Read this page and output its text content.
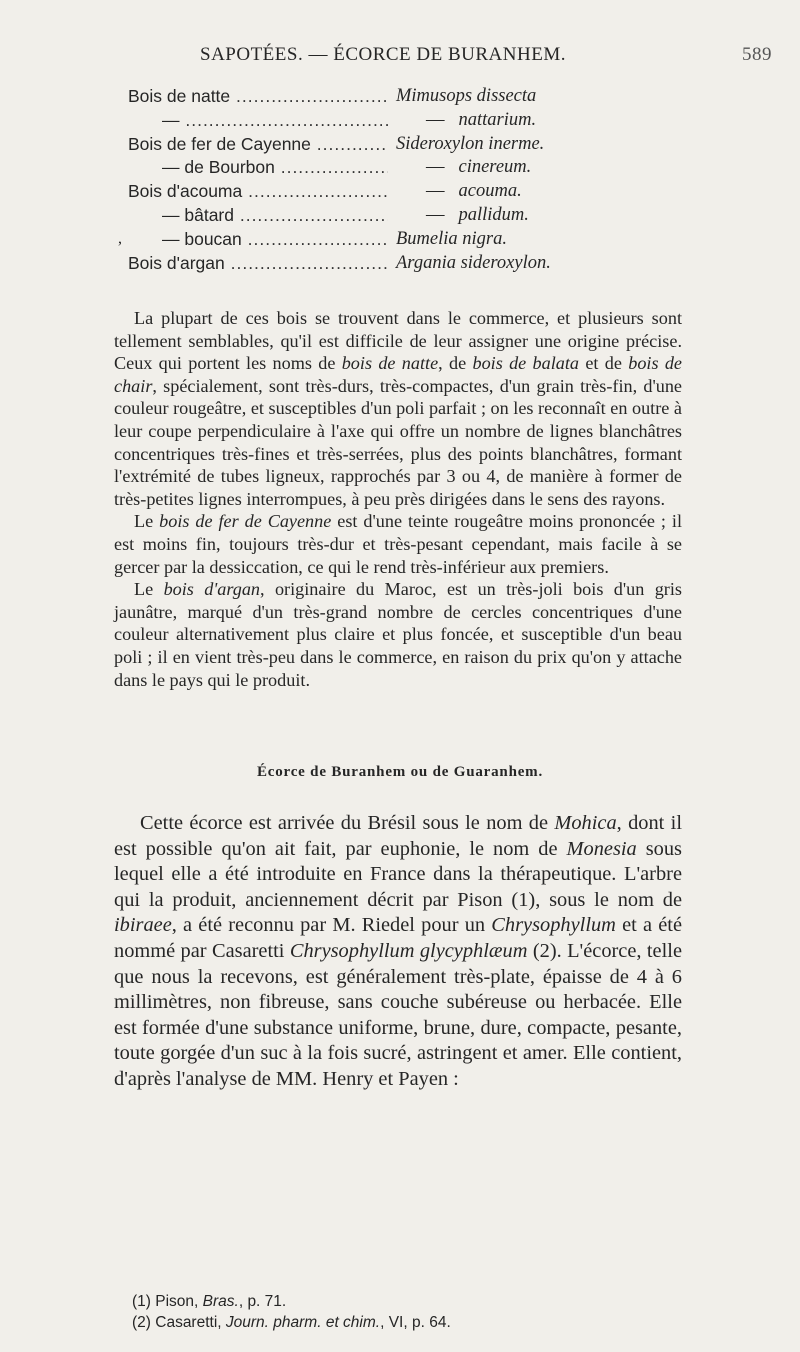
SAPOTÉES. — ÉCORCE DE BURANHEM.	589
Bois de natte .....	Mimusops dissecta
— .....	— nattarium.
Bois de fer de Cayenne .....	Sideroxylon inerme.
— de Bourbon .....	— cinereum.
Bois d'acouma .....	— acouma.
— bâtard .....	— pallidum.
,	— boucan .....	Bumelia nigra.
Bois d'argan .....	Argania sideroxylon.

La plupart de ces bois se trouvent dans le commerce, et plusieurs sont tellement semblables, qu'il est difficile de leur assigner une origine précise. Ceux qui portent les noms de bois de natte, de bois de balata et de bois de chair, spécialement, sont très-durs, très-compactes, d'un grain très-fin, d'une couleur rougeâtre, et susceptibles d'un poli parfait ; on les reconnaît en outre à leur coupe perpendiculaire à l'axe qui offre un nombre de lignes blanchâtres concentriques très-fines et très-serrées, plus des points blanchâtres, formant l'extrémité de tubes ligneux, rapprochés par 3 ou 4, de manière à former de très-petites lignes interrompues, à peu près dirigées dans le sens des rayons.

Le bois de fer de Cayenne est d'une teinte rougeâtre moins prononcée ; il est moins fin, toujours très-dur et très-pesant cependant, mais facile à se gercer par la dessiccation, ce qui le rend très-inférieur aux premiers.

Le bois d'argan, originaire du Maroc, est un très-joli bois d'un gris jaunâtre, marqué d'un très-grand nombre de cercles concentriques d'une couleur alternativement plus claire et plus foncée, et susceptible d'un beau poli ; il en vient très-peu dans le commerce, en raison du prix qu'on y attache dans le pays qui le produit.

Écorce de Buranhem ou de Guaranhem.

Cette écorce est arrivée du Brésil sous le nom de Mohica, dont il est possible qu'on ait fait, par euphonie, le nom de Monesia sous lequel elle a été introduite en France dans la thérapeutique. L'arbre qui la produit, anciennement décrit par Pison (1), sous le nom de ibiraee, a été reconnu par M. Riedel pour un Chrysophyllum et a été nommé par Casaretti Chrysophyllum glycyphlæum (2). L'écorce, telle que nous la recevons, est généralement très-plate, épaisse de 4 à 6 millimètres, non fibreuse, sans couche subéreuse ou herbacée. Elle est formée d'une substance uniforme, brune, dure, compacte, pesante, toute gorgée d'un suc à la fois sucré, astringent et amer. Elle contient, d'après l'analyse de MM. Henry et Payen :

(1) Pison, Bras., p. 71.
(2) Casaretti, Journ. pharm. et chim., VI, p. 64.
